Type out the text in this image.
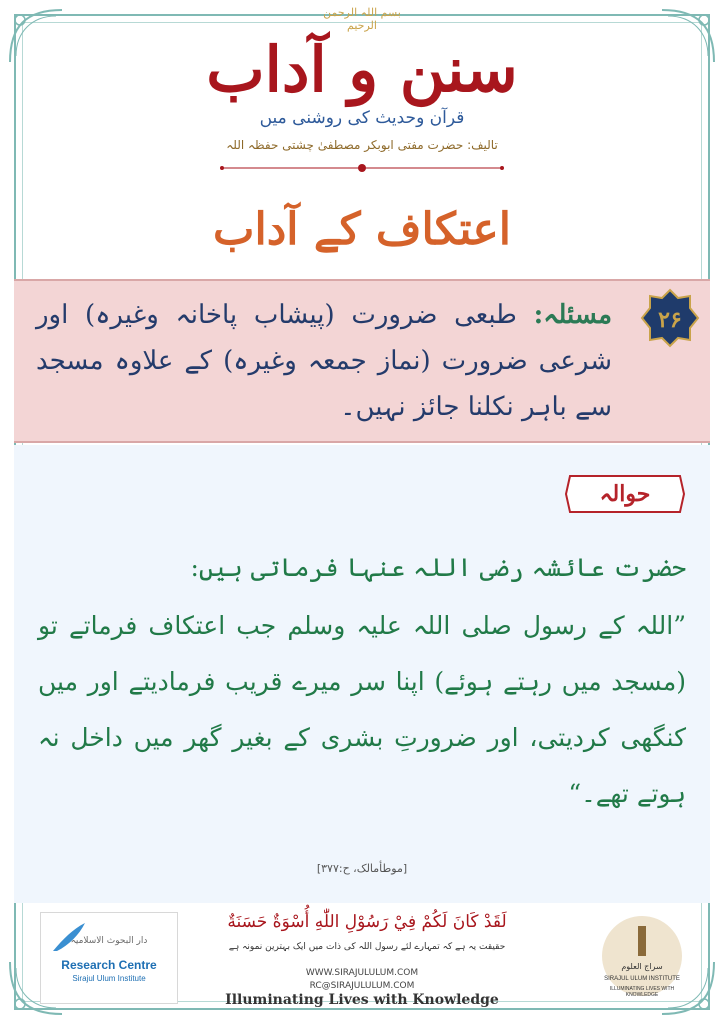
بسم اللہ الرحمن الرحیم
سنن و آداب
قرآن وحدیث کی روشنی میں
تالیف: حضرت مفتی ابوبکر مصطفیٰ چشتی حفظہ اللہ
اعتکاف کے آداب
۲۶
مسئلہ: طبعی ضرورت (پیشاب پاخانہ وغیرہ) اور شرعی ضرورت (نماز جمعہ وغیرہ) کے علاوہ مسجد سے باہر نکلنا جائز نہیں۔
حوالہ
حضرت عائشہ رضی اللہ عنہا فرماتی ہیں:
”اللہ کے رسول صلی اللہ علیہ وسلم جب اعتکاف فرماتے تو (مسجد میں رہتے ہوئے) اپنا سر میرے قریب فرمادیتے اور میں کنگھی کردیتی، اور ضرورتِ بشری کے بغیر گھر میں داخل نہ ہوتے تھے۔“
[موطأمالک، ح:۳۷۷]
دار البحوث الاسلامیہ
Research Centre
Sirajul Ulum Institute
لَقَدْ كَانَ لَكُمْ فِيْ رَسُوْلِ اللّٰهِ أُسْوَةٌ حَسَنَةٌ
حقیقت یہ ہے کہ تمہارے لئے رسول اللہ کی ذات میں ایک بہترین نمونہ ہے
WWW.SIRAJULULUM.COM
RC@SIRAJULULUM.COM
Illuminating Lives with Knowledge
سراج العلوم
SIRAJUL ULUM INSTITUTE
ILLUMINATING LIVES WITH KNOWLEDGE
